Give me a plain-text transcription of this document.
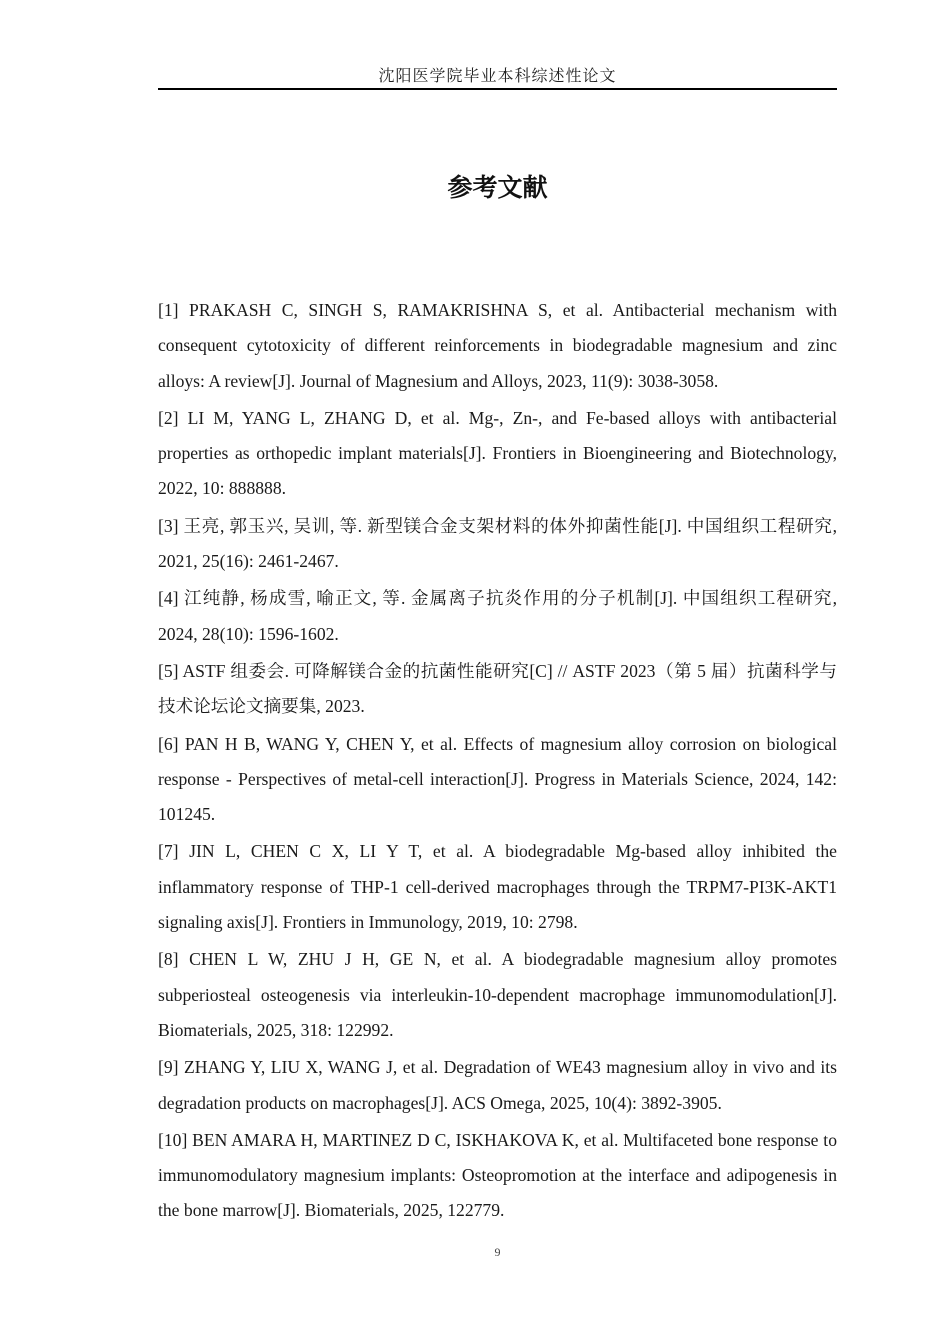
沈阳医学院毕业本科综述性论文
参考文献
[1] PRAKASH C, SINGH S, RAMAKRISHNA S, et al. Antibacterial mechanism with consequent cytotoxicity of different reinforcements in biodegradable magnesium and zinc alloys: A review[J]. Journal of Magnesium and Alloys, 2023, 11(9): 3038-3058.
[2] LI M, YANG L, ZHANG D, et al. Mg-, Zn-, and Fe-based alloys with antibacterial properties as orthopedic implant materials[J]. Frontiers in Bioengineering and Biotechnology, 2022, 10: 888888.
[3] 王亮, 郭玉兴, 吴训, 等. 新型镁合金支架材料的体外抑菌性能[J]. 中国组织工程研究, 2021, 25(16): 2461-2467.
[4] 江纯静, 杨成雪, 喻正文, 等. 金属离子抗炎作用的分子机制[J]. 中国组织工程研究, 2024, 28(10): 1596-1602.
[5] ASTF 组委会. 可降解镁合金的抗菌性能研究[C] // ASTF 2023（第 5 届）抗菌科学与技术论坛论文摘要集, 2023.
[6] PAN H B, WANG Y, CHEN Y, et al. Effects of magnesium alloy corrosion on biological response - Perspectives of metal-cell interaction[J]. Progress in Materials Science, 2024, 142: 101245.
[7] JIN L, CHEN C X, LI Y T, et al. A biodegradable Mg-based alloy inhibited the inflammatory response of THP-1 cell-derived macrophages through the TRPM7-PI3K-AKT1 signaling axis[J]. Frontiers in Immunology, 2019, 10: 2798.
[8] CHEN L W, ZHU J H, GE N, et al. A biodegradable magnesium alloy promotes subperiosteal osteogenesis via interleukin-10-dependent macrophage immunomodulation[J]. Biomaterials, 2025, 318: 122992.
[9] ZHANG Y, LIU X, WANG J, et al. Degradation of WE43 magnesium alloy in vivo and its degradation products on macrophages[J]. ACS Omega, 2025, 10(4): 3892-3905.
[10] BEN AMARA H, MARTINEZ D C, ISKHAKOVA K, et al. Multifaceted bone response to immunomodulatory magnesium implants: Osteopromotion at the interface and adipogenesis in the bone marrow[J]. Biomaterials, 2025, 122779.
9
